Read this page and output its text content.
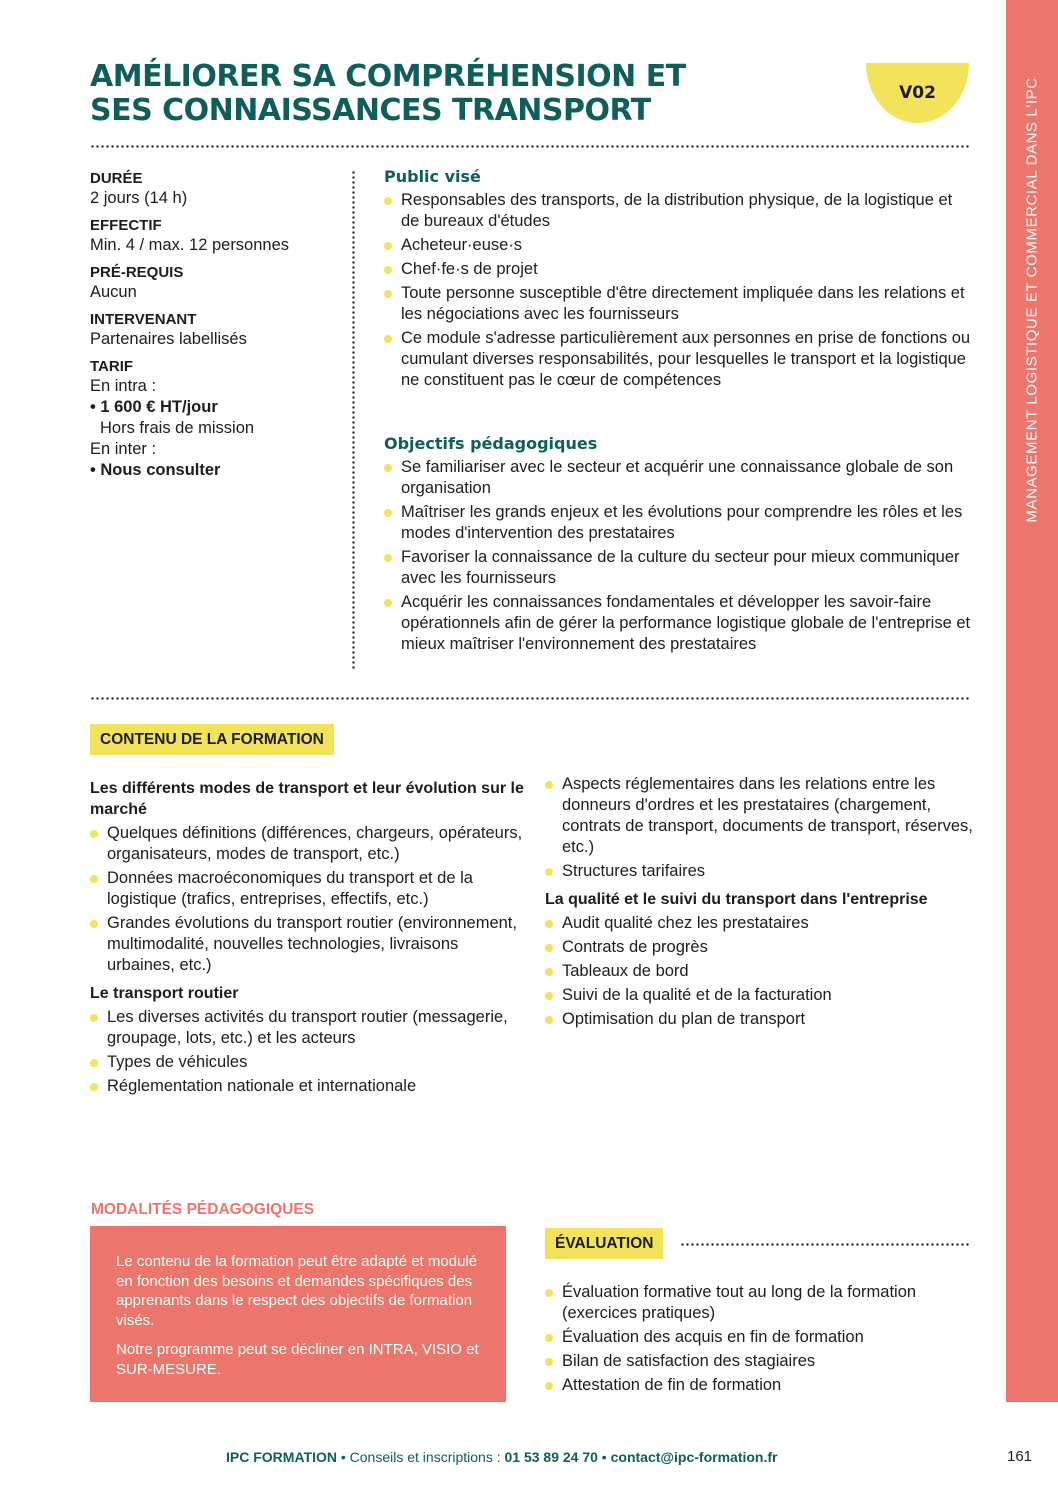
MANAGEMENT LOGISTIQUE ET COMMERCIAL DANS L'IPC
AMÉLIORER SA COMPRÉHENSION ET
SES CONNAISSANCES TRANSPORT	V02
DURÉE
2 jours (14 h)
EFFECTIF
Min. 4 / max. 12 personnes
PRÉ-REQUIS
Aucun
INTERVENANT
Partenaires labellisés
TARIF
En intra :
• 1 600 € HT/jour
Hors frais de mission
En inter :
• Nous consulter
Public visé
Responsables des transports, de la distribution physique, de la logistique et de bureaux d'études
Acheteur·euse·s
Chef·fe·s de projet
Toute personne susceptible d'être directement impliquée dans les relations et les négociations avec les fournisseurs
Ce module s'adresse particulièrement aux personnes en prise de fonctions ou cumulant diverses responsabilités, pour lesquelles le transport et la logistique ne constituent pas le cœur de compétences
Objectifs pédagogiques
Se familiariser avec le secteur et acquérir une connaissance globale de son organisation
Maîtriser les grands enjeux et les évolutions pour comprendre les rôles et les modes d'intervention des prestataires
Favoriser la connaissance de la culture du secteur pour mieux communiquer avec les fournisseurs
Acquérir les connaissances fondamentales et développer les savoir-faire opérationnels afin de gérer la performance logistique globale de l'entreprise et mieux maîtriser l'environnement des prestataires
CONTENU DE LA FORMATION
Les différents modes de transport et leur évolution sur le marché
Quelques définitions (différences, chargeurs, opérateurs, organisateurs, modes de transport, etc.)
Données macroéconomiques du transport et de la logistique (trafics, entreprises, effectifs, etc.)
Grandes évolutions du transport routier (environnement, multimodalité, nouvelles technologies, livraisons urbaines, etc.)
Le transport routier
Les diverses activités du transport routier (messagerie, groupage, lots, etc.) et les acteurs
Types de véhicules
Réglementation nationale et internationale
Aspects réglementaires dans les relations entre les donneurs d'ordres et les prestataires (chargement, contrats de transport, documents de transport, réserves, etc.)
Structures tarifaires
La qualité et le suivi du transport dans l'entreprise
Audit qualité chez les prestataires
Contrats de progrès
Tableaux de bord
Suivi de la qualité et de la facturation
Optimisation du plan de transport
MODALITÉS PÉDAGOGIQUES

Le contenu de la formation peut être adapté et modulé en fonction des besoins et demandes spécifiques des apprenants dans le respect des objectifs de formation visés.

Notre programme peut se décliner en INTRA, VISIO et SUR-MESURE.

ÉVALUATION
Évaluation formative tout au long de la formation (exercices pratiques)
Évaluation des acquis en fin de formation
Bilan de satisfaction des stagiaires
Attestation de fin de formation
IPC FORMATION • Conseils et inscriptions : 01 53 89 24 70 • contact@ipc-formation.fr	161
